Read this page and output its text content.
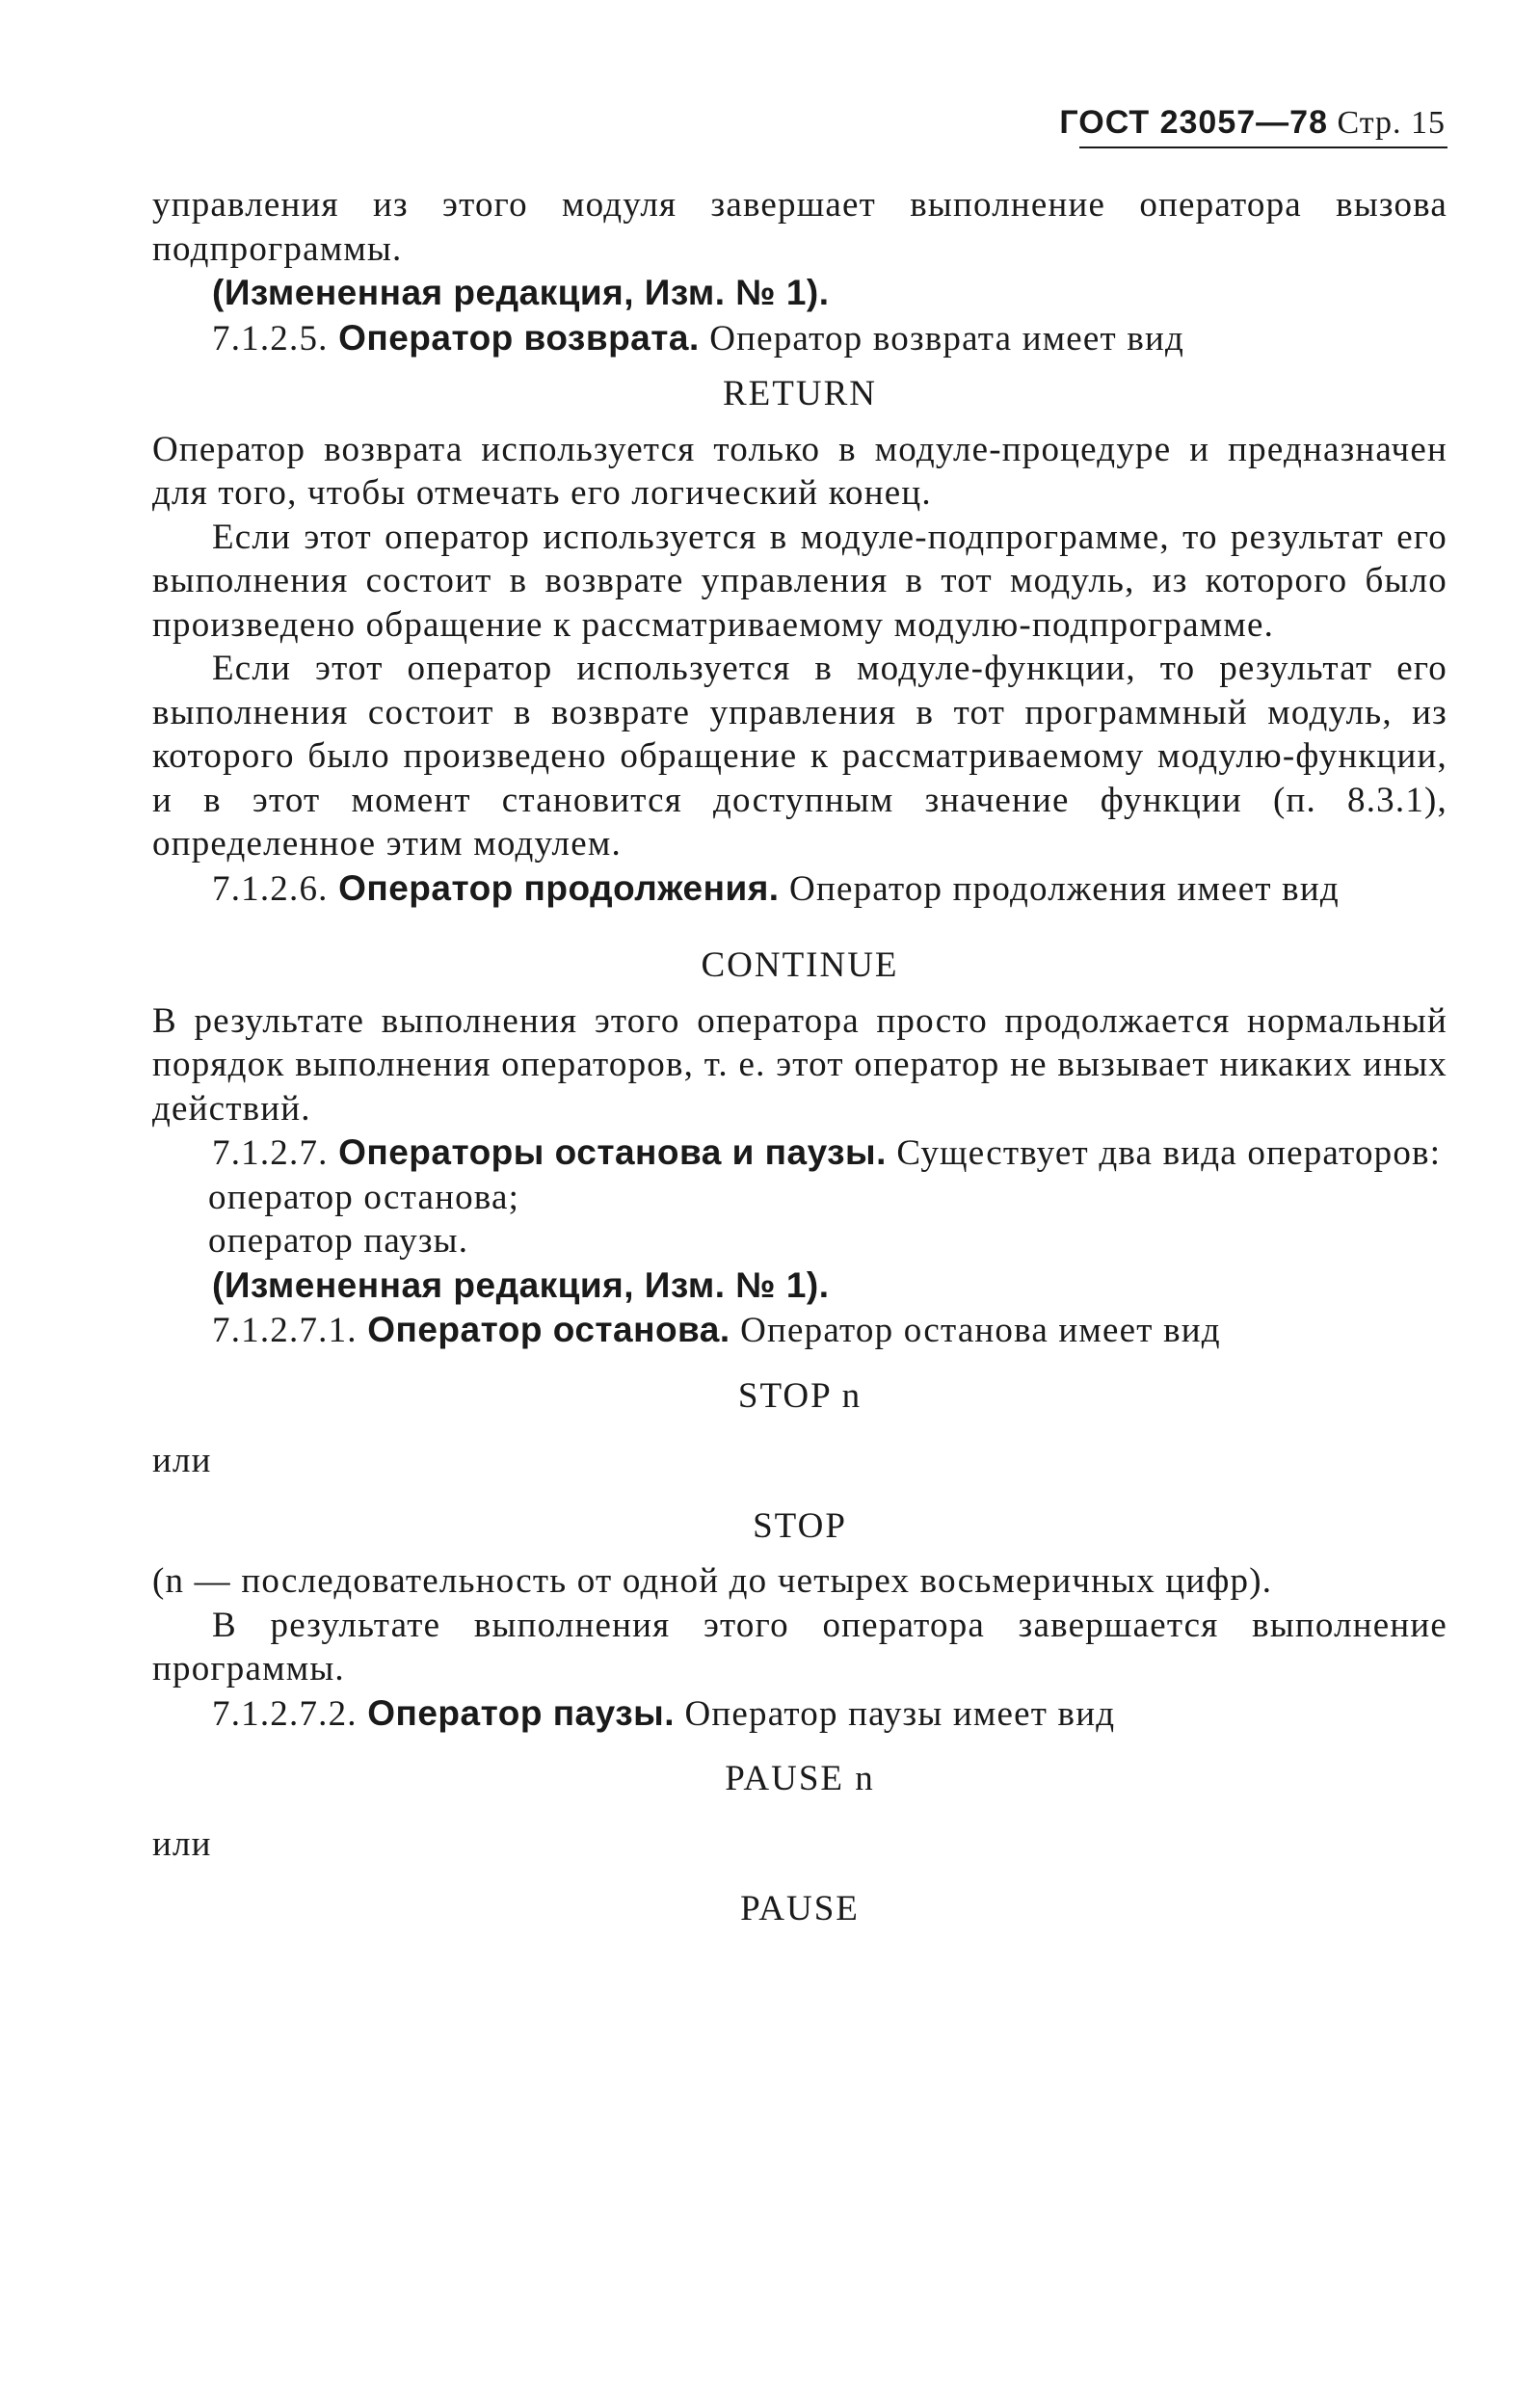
ГОСТ 23057—78 Стр. 15

управления из этого модуля завершает выполнение оператора вызова подпрограммы.

(Измененная редакция, Изм. № 1).

7.1.2.5. Оператор возврата. Оператор возврата имеет вид

RETURN

Оператор возврата используется только в модуле-процедуре и предназначен для того, чтобы отмечать его логический конец.

Если этот оператор используется в модуле-подпрограмме, то результат его выполнения состоит в возврате управления в тот модуль, из которого было произведено обращение к рассматриваемому модулю-подпрограмме.

Если этот оператор используется в модуле-функции, то результат его выполнения состоит в возврате управления в тот программный модуль, из которого было произведено обращение к рассматриваемому модулю-функции, и в этот момент становится доступным значение функции (п. 8.3.1), определенное этим модулем.

7.1.2.6. Оператор продолжения. Оператор продолжения имеет вид

CONTINUE

В результате выполнения этого оператора просто продолжается нормальный порядок выполнения операторов, т. е. этот оператор не вызывает никаких иных действий.

7.1.2.7. Операторы останова и паузы. Существует два вида операторов:

оператор останова;

оператор паузы.

(Измененная редакция, Изм. № 1).

7.1.2.7.1. Оператор останова. Оператор останова имеет вид

STOP n

или

STOP

(n — последовательность от одной до четырех восьмеричных цифр).

В результате выполнения этого оператора завершается выполнение программы.

7.1.2.7.2. Оператор паузы. Оператор паузы имеет вид

PAUSE n

или

PAUSE
